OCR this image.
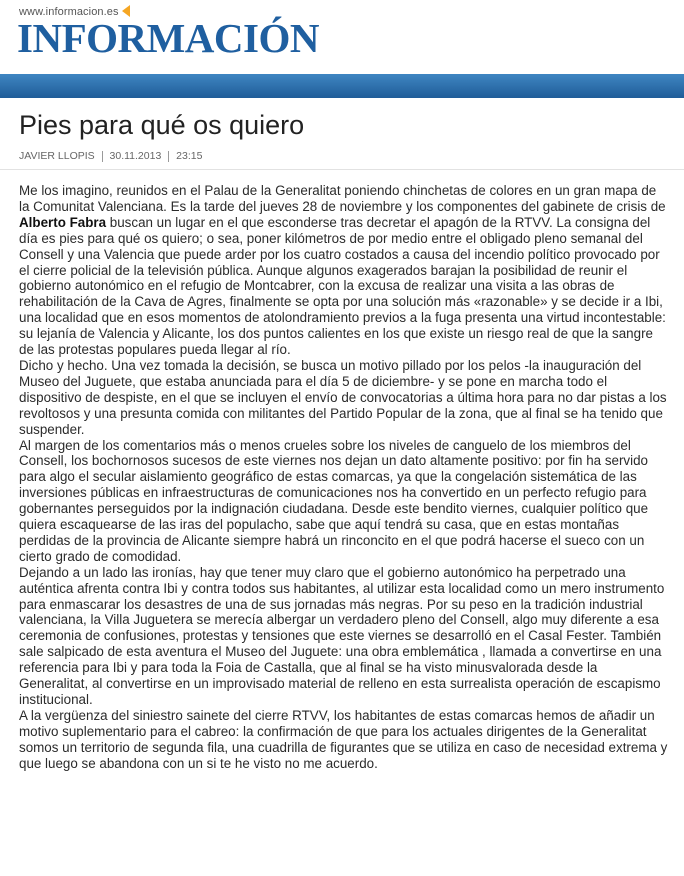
www.informacion.es
INFORMACIÓN
Pies para qué os quiero
JAVIER LLOPIS 30.11.2013 23:15

Me los imagino, reunidos en el Palau de la Generalitat poniendo chinchetas de colores en un gran mapa de la Comunitat Valenciana. Es la tarde del jueves 28 de noviembre y los componentes del gabinete de crisis de Alberto Fabra buscan un lugar en el que esconderse tras decretar el apagón de la RTVV. La consigna del día es pies para qué os quiero; o sea, poner kilómetros de por medio entre el obligado pleno semanal del Consell y una Valencia que puede arder por los cuatro costados a causa del incendio político provocado por el cierre policial de la televisión pública. Aunque algunos exagerados barajan la posibilidad de reunir el gobierno autonómico en el refugio de Montcabrer, con la excusa de realizar una visita a las obras de rehabilitación de la Cava de Agres, finalmente se opta por una solución más «razonable» y se decide ir a Ibi, una localidad que en esos momentos de atolondramiento previos a la fuga presenta una virtud incontestable: su lejanía de Valencia y Alicante, los dos puntos calientes en los que existe un riesgo real de que la sangre de las protestas populares pueda llegar al río.

Dicho y hecho. Una vez tomada la decisión, se busca un motivo pillado por los pelos -la inauguración del Museo del Juguete, que estaba anunciada para el día 5 de diciembre- y se pone en marcha todo el dispositivo de despiste, en el que se incluyen el envío de convocatorias a última hora para no dar pistas a los revoltosos y una presunta comida con militantes del Partido Popular de la zona, que al final se ha tenido que suspender.

Al margen de los comentarios más o menos crueles sobre los niveles de canguelo de los miembros del Consell, los bochornosos sucesos de este viernes nos dejan un dato altamente positivo: por fin ha servido para algo el secular aislamiento geográfico de estas comarcas, ya que la congelación sistemática de las inversiones públicas en infraestructuras de comunicaciones nos ha convertido en un perfecto refugio para gobernantes perseguidos por la indignación ciudadana. Desde este bendito viernes, cualquier político que quiera escaquearse de las iras del populacho, sabe que aquí tendrá su casa, que en estas montañas perdidas de la provincia de Alicante siempre habrá un rinconcito en el que podrá hacerse el sueco con un cierto grado de comodidad.

Dejando a un lado las ironías, hay que tener muy claro que el gobierno autonómico ha perpetrado una auténtica afrenta contra Ibi y contra todos sus habitantes, al utilizar esta localidad como un mero instrumento para enmascarar los desastres de una de sus jornadas más negras. Por su peso en la tradición industrial valenciana, la Villa Juguetera se merecía albergar un verdadero pleno del Consell, algo muy diferente a esa ceremonia de confusiones, protestas y tensiones que este viernes se desarrolló en el Casal Fester. También sale salpicado de esta aventura el Museo del Juguete: una obra emblemática , llamada a convertirse en una referencia para Ibi y para toda la Foia de Castalla, que al final se ha visto minusvalorada desde la Generalitat, al convertirse en un improvisado material de relleno en esta surrealista operación de escapismo institucional.

A la vergüenza del siniestro sainete del cierre RTVV, los habitantes de estas comarcas hemos de añadir un motivo suplementario para el cabreo: la confirmación de que para los actuales dirigentes de la Generalitat somos un territorio de segunda fila, una cuadrilla de figurantes que se utiliza en caso de necesidad extrema y que luego se abandona con un si te he visto no me acuerdo.
